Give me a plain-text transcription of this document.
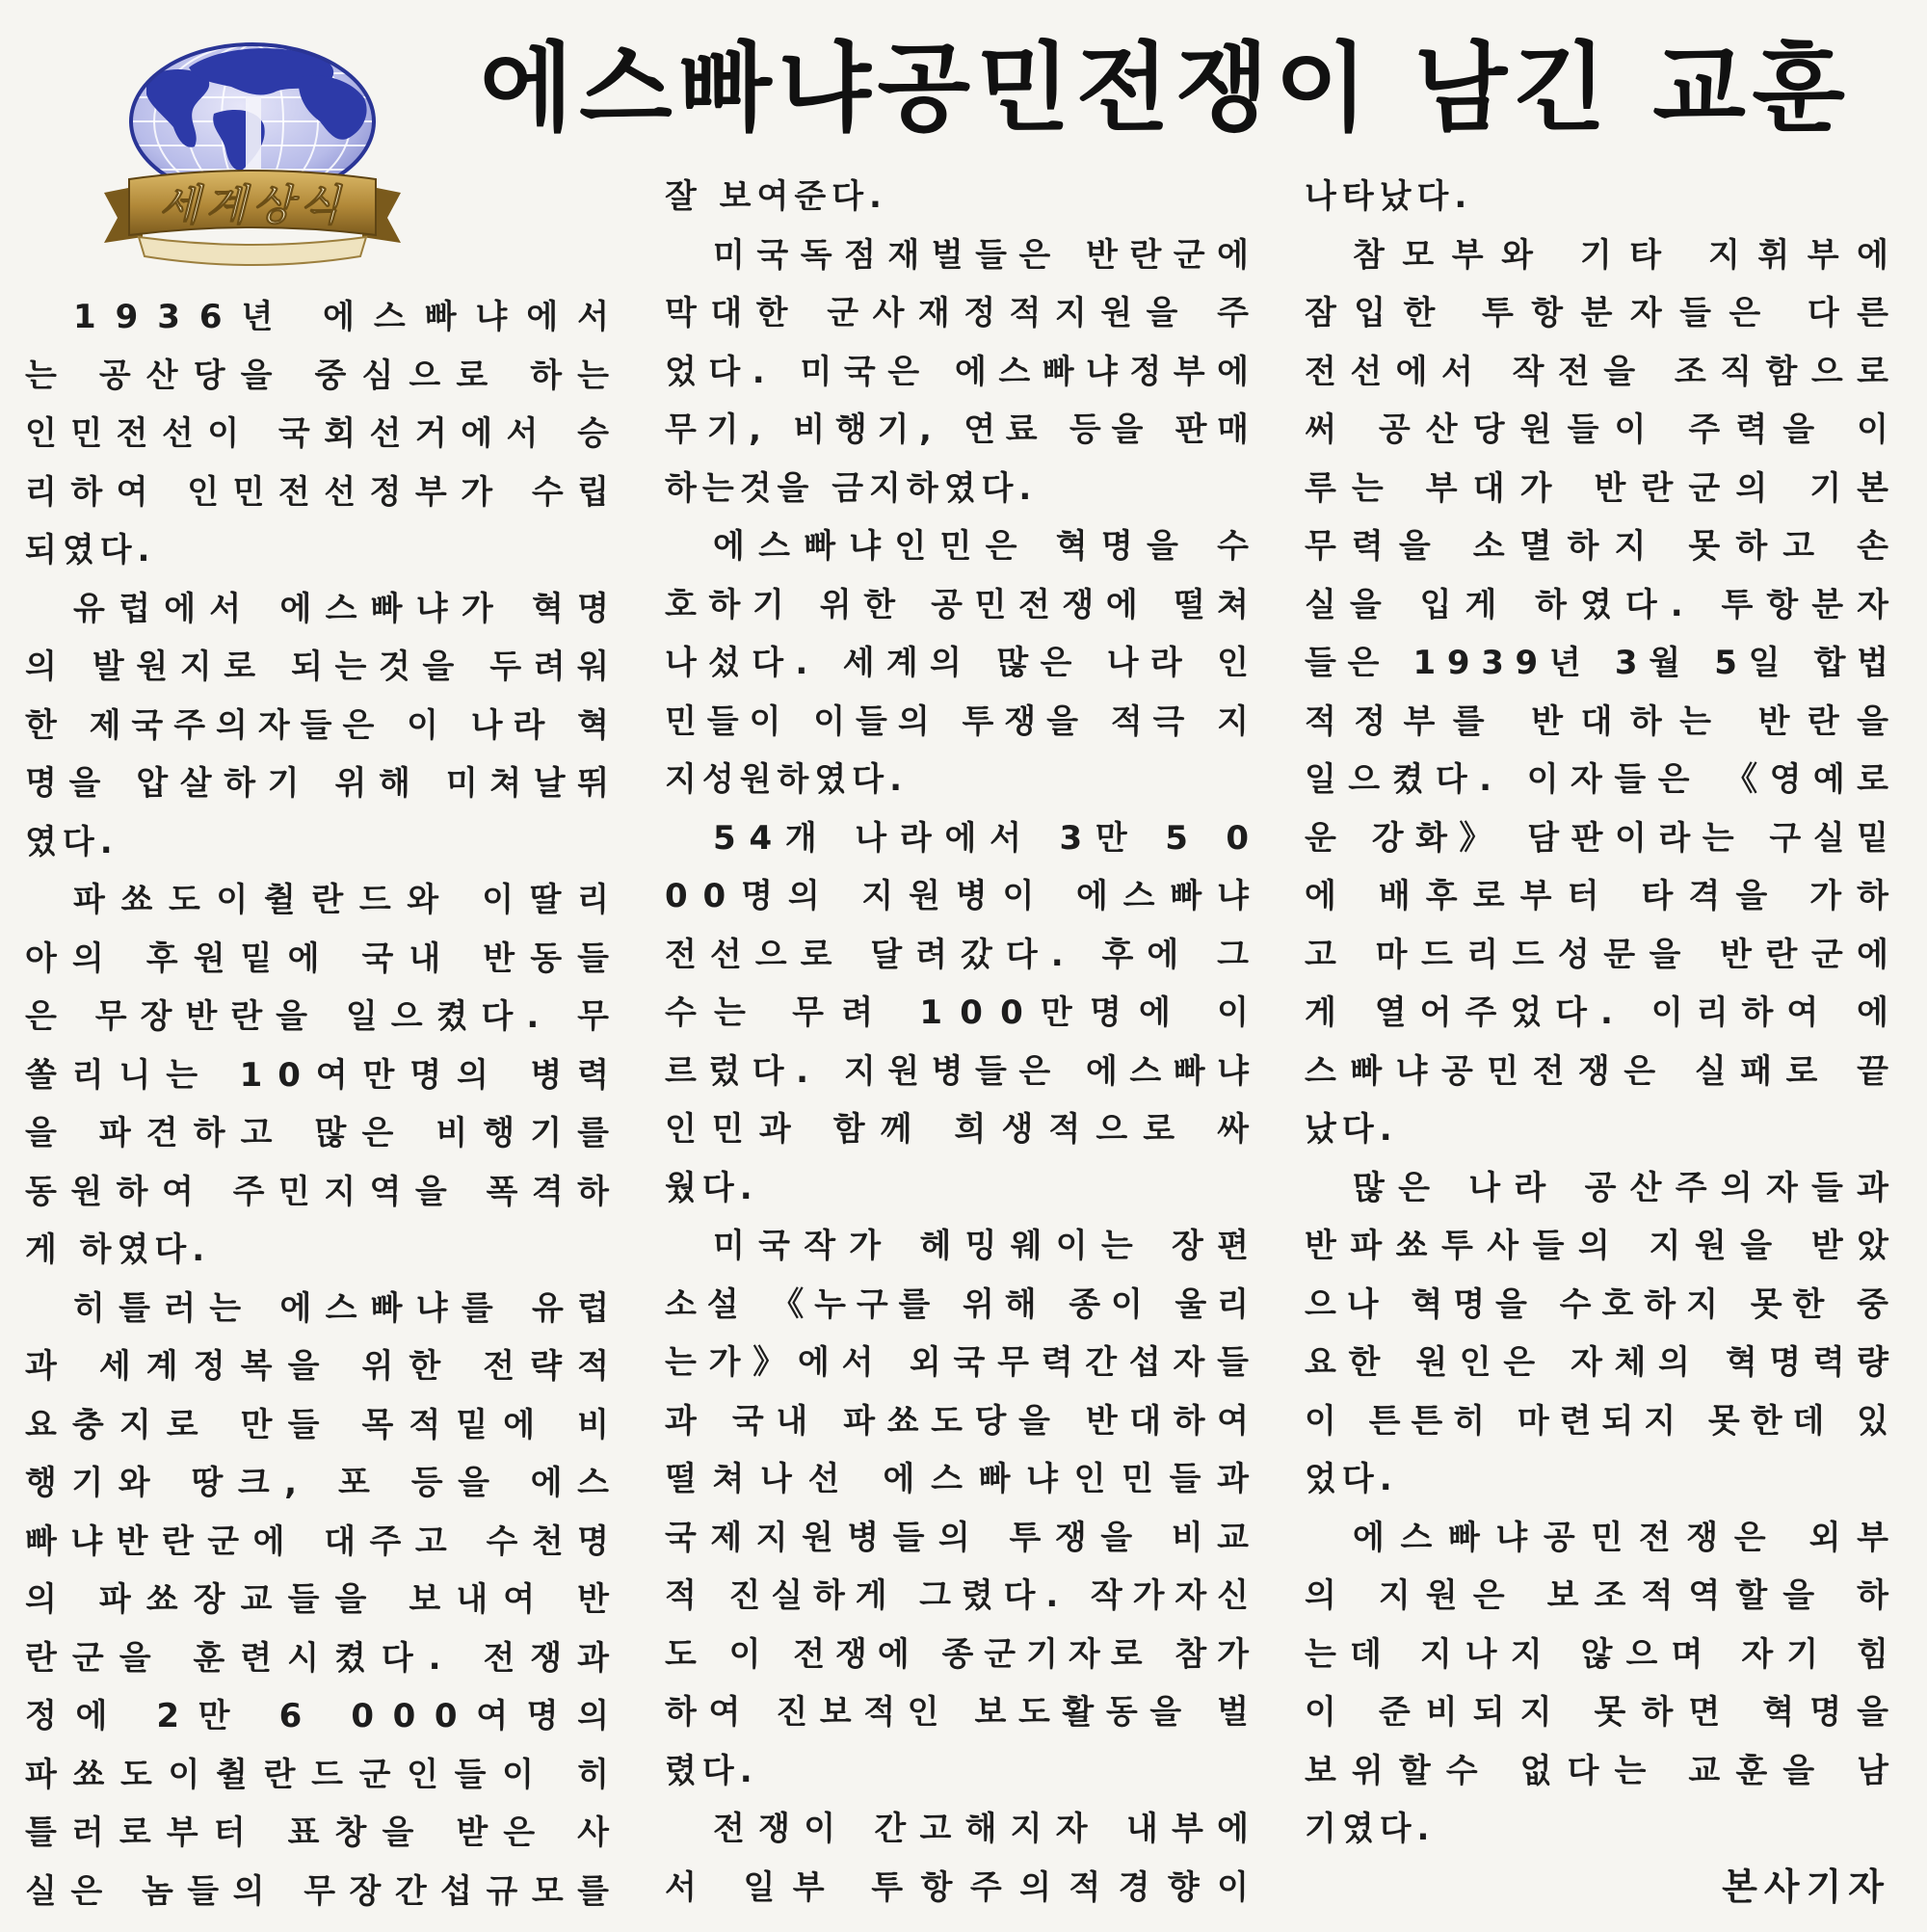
세계상식
에스빠냐공민전쟁이 남긴 교훈
1936년 에스빠냐에서
는 공산당을 중심으로 하는
인민전선이 국회선거에서 승
리하여 인민전선정부가 수립
되였다.
유럽에서 에스빠냐가 혁명
의 발원지로 되는것을 두려워
한 제국주의자들은 이 나라 혁
명을 압살하기 위해 미쳐날뛰
였다.
파쑈도이췰란드와 이딸리
아의 후원밑에 국내 반동들
은 무장반란을 일으켰다. 무
쏠리니는 10여만명의 병력
을 파견하고 많은 비행기를
동원하여 주민지역을 폭격하
게 하였다.
히틀러는 에스빠냐를 유럽
과 세계정복을 위한 전략적
요충지로 만들 목적밑에 비
행기와 땅크, 포 등을 에스
빠냐반란군에 대주고 수천명
의 파쑈장교들을 보내여 반
란군을 훈련시켰다. 전쟁과
정에 2만 6 000여명의
파쑈도이췰란드군인들이 히
틀러로부터 표창을 받은 사
실은 놈들의 무장간섭규모를
잘 보여준다.
미국독점재벌들은 반란군에
막대한 군사재정적지원을 주
었다. 미국은 에스빠냐정부에
무기, 비행기, 연료 등을 판매
하는것을 금지하였다.
에스빠냐인민은 혁명을 수
호하기 위한 공민전쟁에 떨쳐
나섰다. 세계의 많은 나라 인
민들이 이들의 투쟁을 적극 지
지성원하였다.
54개 나라에서 3만 5 0
00명의 지원병이 에스빠냐
전선으로 달려갔다. 후에 그
수는 무려 100만명에 이
르렀다. 지원병들은 에스빠냐
인민과 함께 희생적으로 싸
웠다.
미국작가 헤밍웨이는 장편
소설 《누구를 위해 종이 울리
는가》에서 외국무력간섭자들
과 국내 파쑈도당을 반대하여
떨쳐나선 에스빠냐인민들과
국제지원병들의 투쟁을 비교
적 진실하게 그렸다. 작가자신
도 이 전쟁에 종군기자로 참가
하여 진보적인 보도활동을 벌
렸다.
전쟁이 간고해지자 내부에
서 일부 투항주의적경향이
나타났다.
참모부와 기타 지휘부에
잠입한 투항분자들은 다른
전선에서 작전을 조직함으로
써 공산당원들이 주력을 이
루는 부대가 반란군의 기본
무력을 소멸하지 못하고 손
실을 입게 하였다. 투항분자
들은 1939년 3월 5일 합법
적정부를 반대하는 반란을
일으켰다. 이자들은 《영예로
운 강화》 담판이라는 구실밑
에 배후로부터 타격을 가하
고 마드리드성문을 반란군에
게 열어주었다. 이리하여 에
스빠냐공민전쟁은 실패로 끝
났다.
많은 나라 공산주의자들과
반파쑈투사들의 지원을 받았
으나 혁명을 수호하지 못한 중
요한 원인은 자체의 혁명력량
이 튼튼히 마련되지 못한데 있
었다.
에스빠냐공민전쟁은 외부
의 지원은 보조적역할을 하
는데 지나지 않으며 자기 힘
이 준비되지 못하면 혁명을
보위할수 없다는 교훈을 남
기였다.
본사기자
